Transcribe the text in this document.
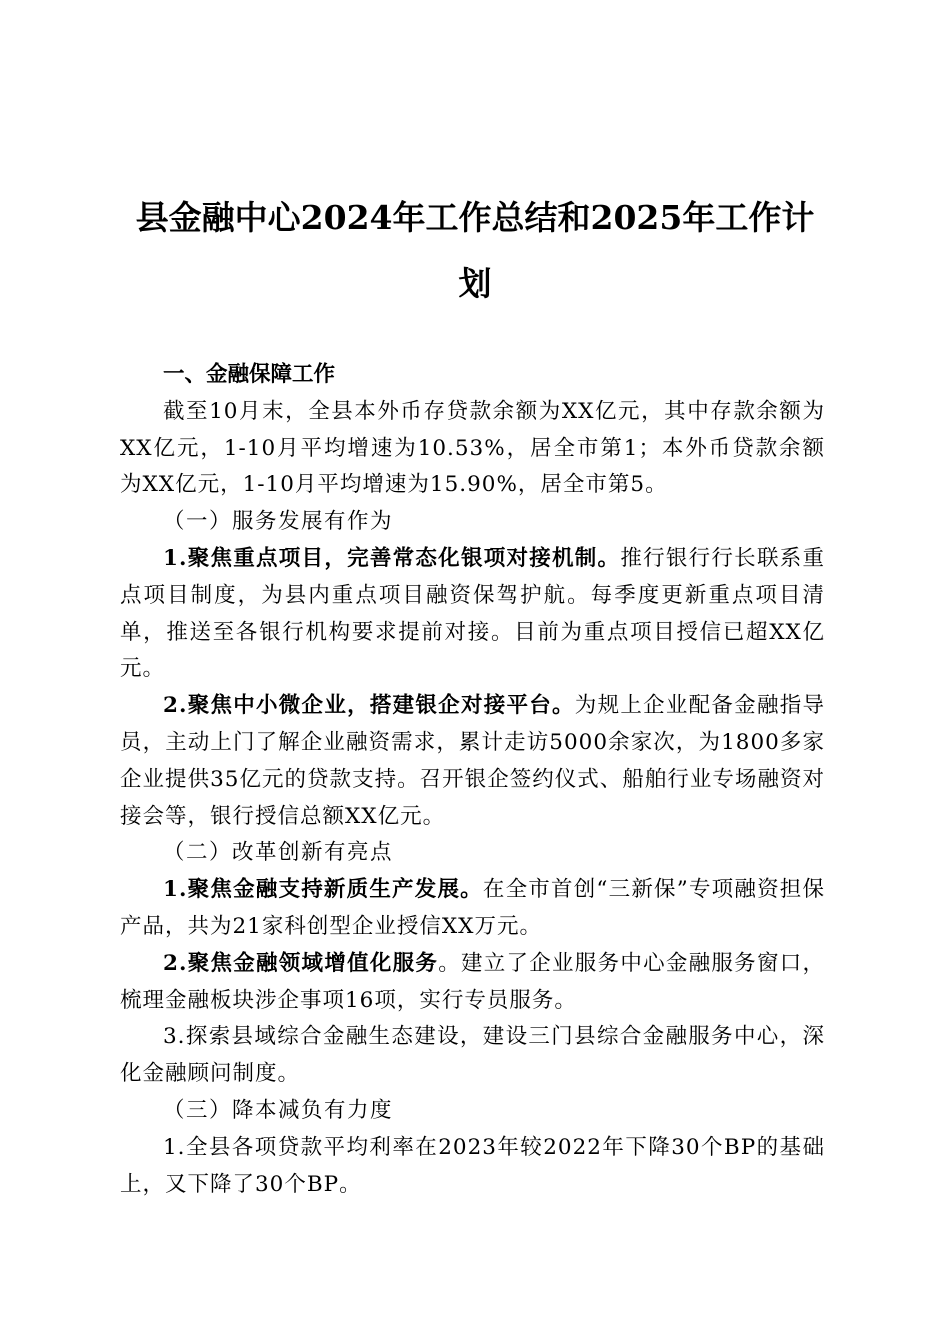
县金融中心2024年工作总结和2025年工作计
划

一、金融保障工作

截至10月末，全县本外币存贷款余额为XX亿元，其中存款余额为XX亿元，1-10月平均增速为10.53%，居全市第1；本外币贷款余额为XX亿元，1-10月平均增速为15.90%，居全市第5。

（一）服务发展有作为

1.聚焦重点项目，完善常态化银项对接机制。推行银行行长联系重点项目制度，为县内重点项目融资保驾护航。每季度更新重点项目清单，推送至各银行机构要求提前对接。目前为重点项目授信已超XX亿元。

2.聚焦中小微企业，搭建银企对接平台。为规上企业配备金融指导员，主动上门了解企业融资需求，累计走访5000余家次，为1800多家企业提供35亿元的贷款支持。召开银企签约仪式、船舶行业专场融资对接会等，银行授信总额XX亿元。

（二）改革创新有亮点

1.聚焦金融支持新质生产发展。在全市首创“三新保”专项融资担保产品，共为21家科创型企业授信XX万元。

2.聚焦金融领域增值化服务。建立了企业服务中心金融服务窗口，梳理金融板块涉企事项16项，实行专员服务。

3.探索县域综合金融生态建设，建设三门县综合金融服务中心，深化金融顾问制度。

（三）降本减负有力度

1.全县各项贷款平均利率在2023年较2022年下降30个BP的基础上，又下降了30个BP。
